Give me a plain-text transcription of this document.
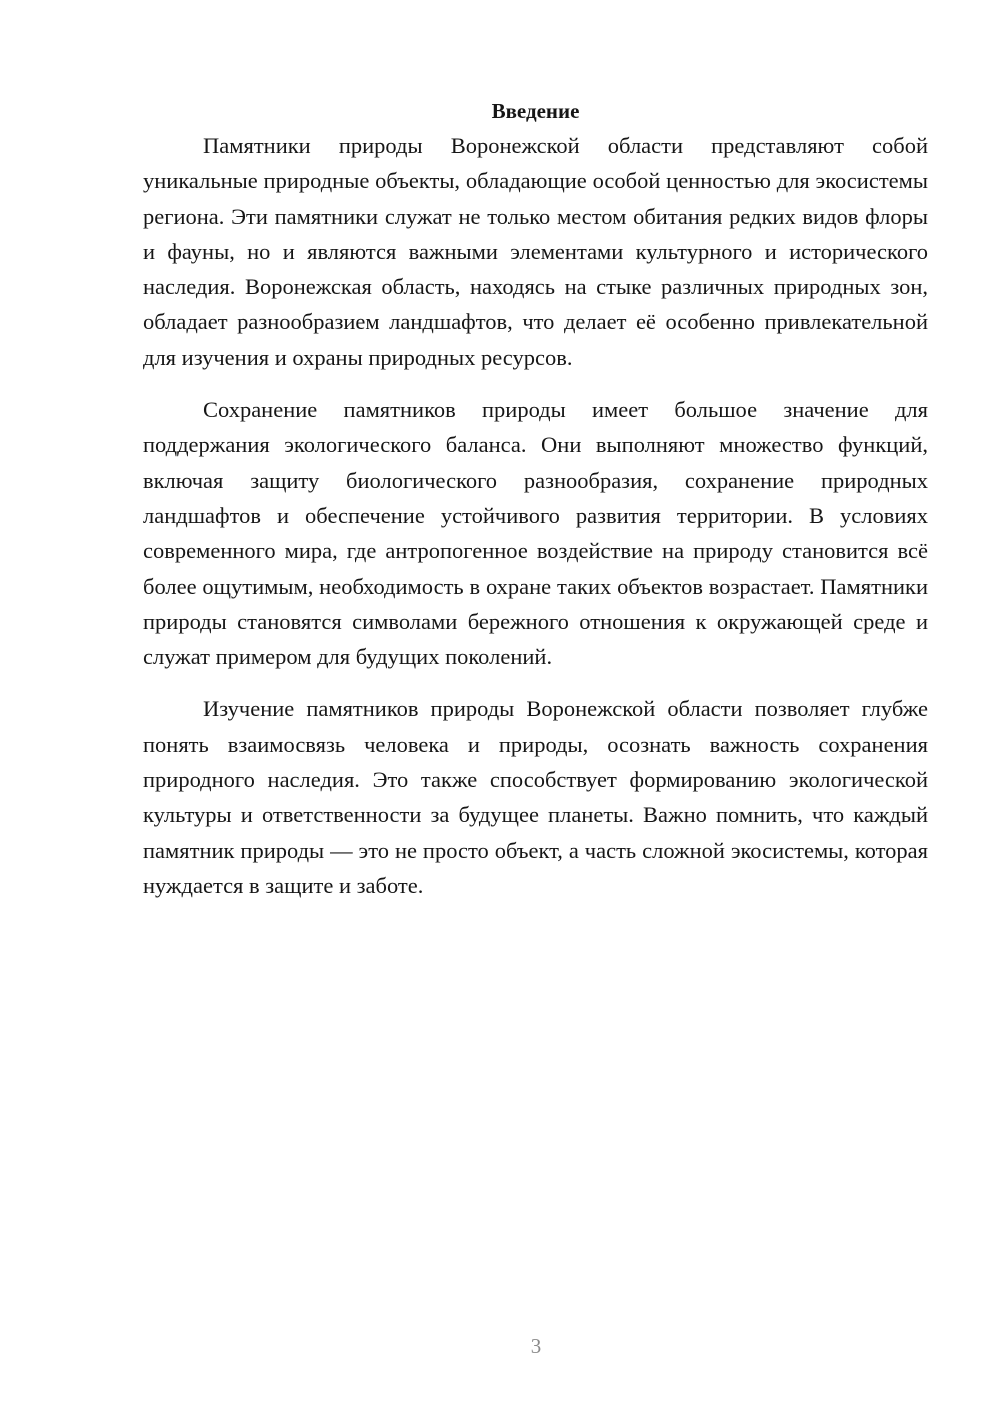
Введение

Памятники природы Воронежской области представляют собой уникальные природные объекты, обладающие особой ценностью для экосистемы региона. Эти памятники служат не только местом обитания редких видов флоры и фауны, но и являются важными элементами культурного и исторического наследия. Воронежская область, находясь на стыке различных природных зон, обладает разнообразием ландшафтов, что делает её особенно привлекательной для изучения и охраны природных ресурсов.

Сохранение памятников природы имеет большое значение для поддержания экологического баланса. Они выполняют множество функций, включая защиту биологического разнообразия, сохранение природных ландшафтов и обеспечение устойчивого развития территории. В условиях современного мира, где антропогенное воздействие на природу становится всё более ощутимым, необходимость в охране таких объектов возрастает. Памятники природы становятся символами бережного отношения к окружающей среде и служат примером для будущих поколений.

Изучение памятников природы Воронежской области позволяет глубже понять взаимосвязь человека и природы, осознать важность сохранения природного наследия. Это также способствует формированию экологической культуры и ответственности за будущее планеты. Важно помнить, что каждый памятник природы — это не просто объект, а часть сложной экосистемы, которая нуждается в защите и заботе.

3
